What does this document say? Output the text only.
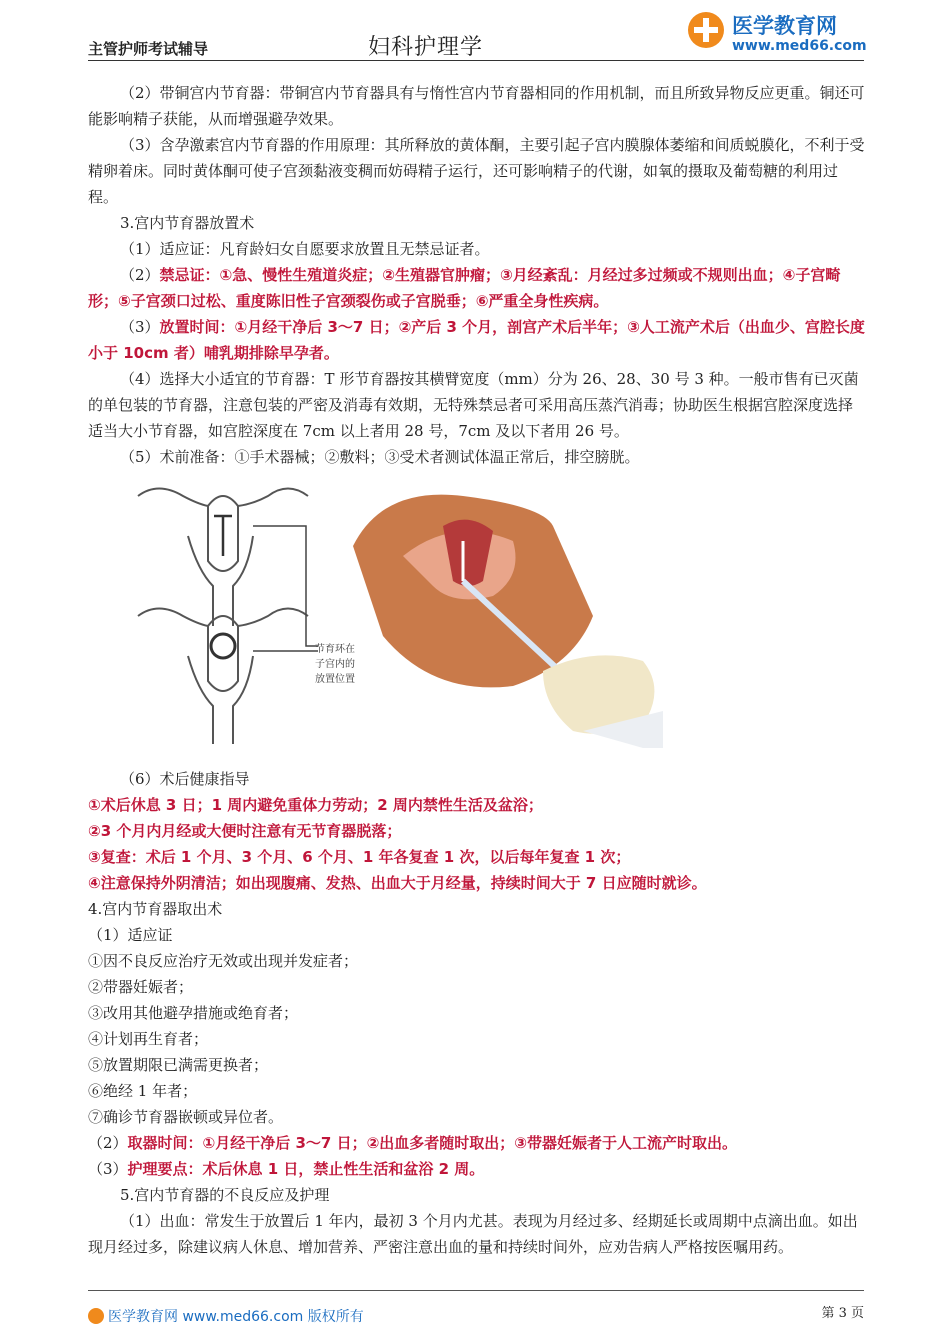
主管护师考试辅导	妇科护理学
医学教育网
www.med66.com

（2）带铜宫内节育器：带铜宫内节育器具有与惰性宫内节育器相同的作用机制，而且所致异物反应更重。铜还可能影响精子获能，从而增强避孕效果。

（3）含孕激素宫内节育器的作用原理：其所释放的黄体酮，主要引起子宫内膜腺体萎缩和间质蜕膜化，不利于受精卵着床。同时黄体酮可使子宫颈黏液变稠而妨碍精子运行，还可影响精子的代谢，如氧的摄取及葡萄糖的利用过程。

3.宫内节育器放置术

（1）适应证：凡育龄妇女自愿要求放置且无禁忌证者。

（2）禁忌证：①急、慢性生殖道炎症；②生殖器官肿瘤；③月经紊乱：月经过多过频或不规则出血；④子宫畸形；⑤子宫颈口过松、重度陈旧性子宫颈裂伤或子宫脱垂；⑥严重全身性疾病。

（3）放置时间：①月经干净后 3～7 日；②产后 3 个月，剖宫产术后半年；③人工流产术后（出血少、宫腔长度小于 10cm 者）哺乳期排除早孕者。

（4）选择大小适宜的节育器：T 形节育器按其横臂宽度（mm）分为 26、28、30 号 3 种。一般市售有已灭菌的单包装的节育器，注意包装的严密及消毒有效期，无特殊禁忌者可采用高压蒸汽消毒；协助医生根据宫腔深度选择适当大小节育器，如宫腔深度在 7cm 以上者用 28 号，7cm 及以下者用 26 号。

（5）术前准备：①手术器械；②敷料；③受术者测试体温正常后，排空膀胱。

节育环在
子宫内的
放置位置

（6）术后健康指导

①术后休息 3 日；1 周内避免重体力劳动；2 周内禁性生活及盆浴；

②3 个月内月经或大便时注意有无节育器脱落；

③复查：术后 1 个月、3 个月、6 个月、1 年各复查 1 次，以后每年复查 1 次；

④注意保持外阴清洁；如出现腹痛、发热、出血大于月经量，持续时间大于 7 日应随时就诊。

4.宫内节育器取出术

（1）适应证

①因不良反应治疗无效或出现并发症者；

②带器妊娠者；

③改用其他避孕措施或绝育者；

④计划再生育者；

⑤放置期限已满需更换者；

⑥绝经 1 年者；

⑦确诊节育器嵌顿或异位者。

（2）取器时间：①月经干净后 3～7 日；②出血多者随时取出；③带器妊娠者于人工流产时取出。

（3）护理要点：术后休息 1 日，禁止性生活和盆浴 2 周。

5.宫内节育器的不良反应及护理

（1）出血：常发生于放置后 1 年内，最初 3 个月内尤甚。表现为月经过多、经期延长或周期中点滴出血。如出现月经过多，除建议病人休息、增加营养、严密注意出血的量和持续时间外，应劝告病人严格按医嘱用药。

医学教育网 www.med66.com 版权所有	第 3 页
